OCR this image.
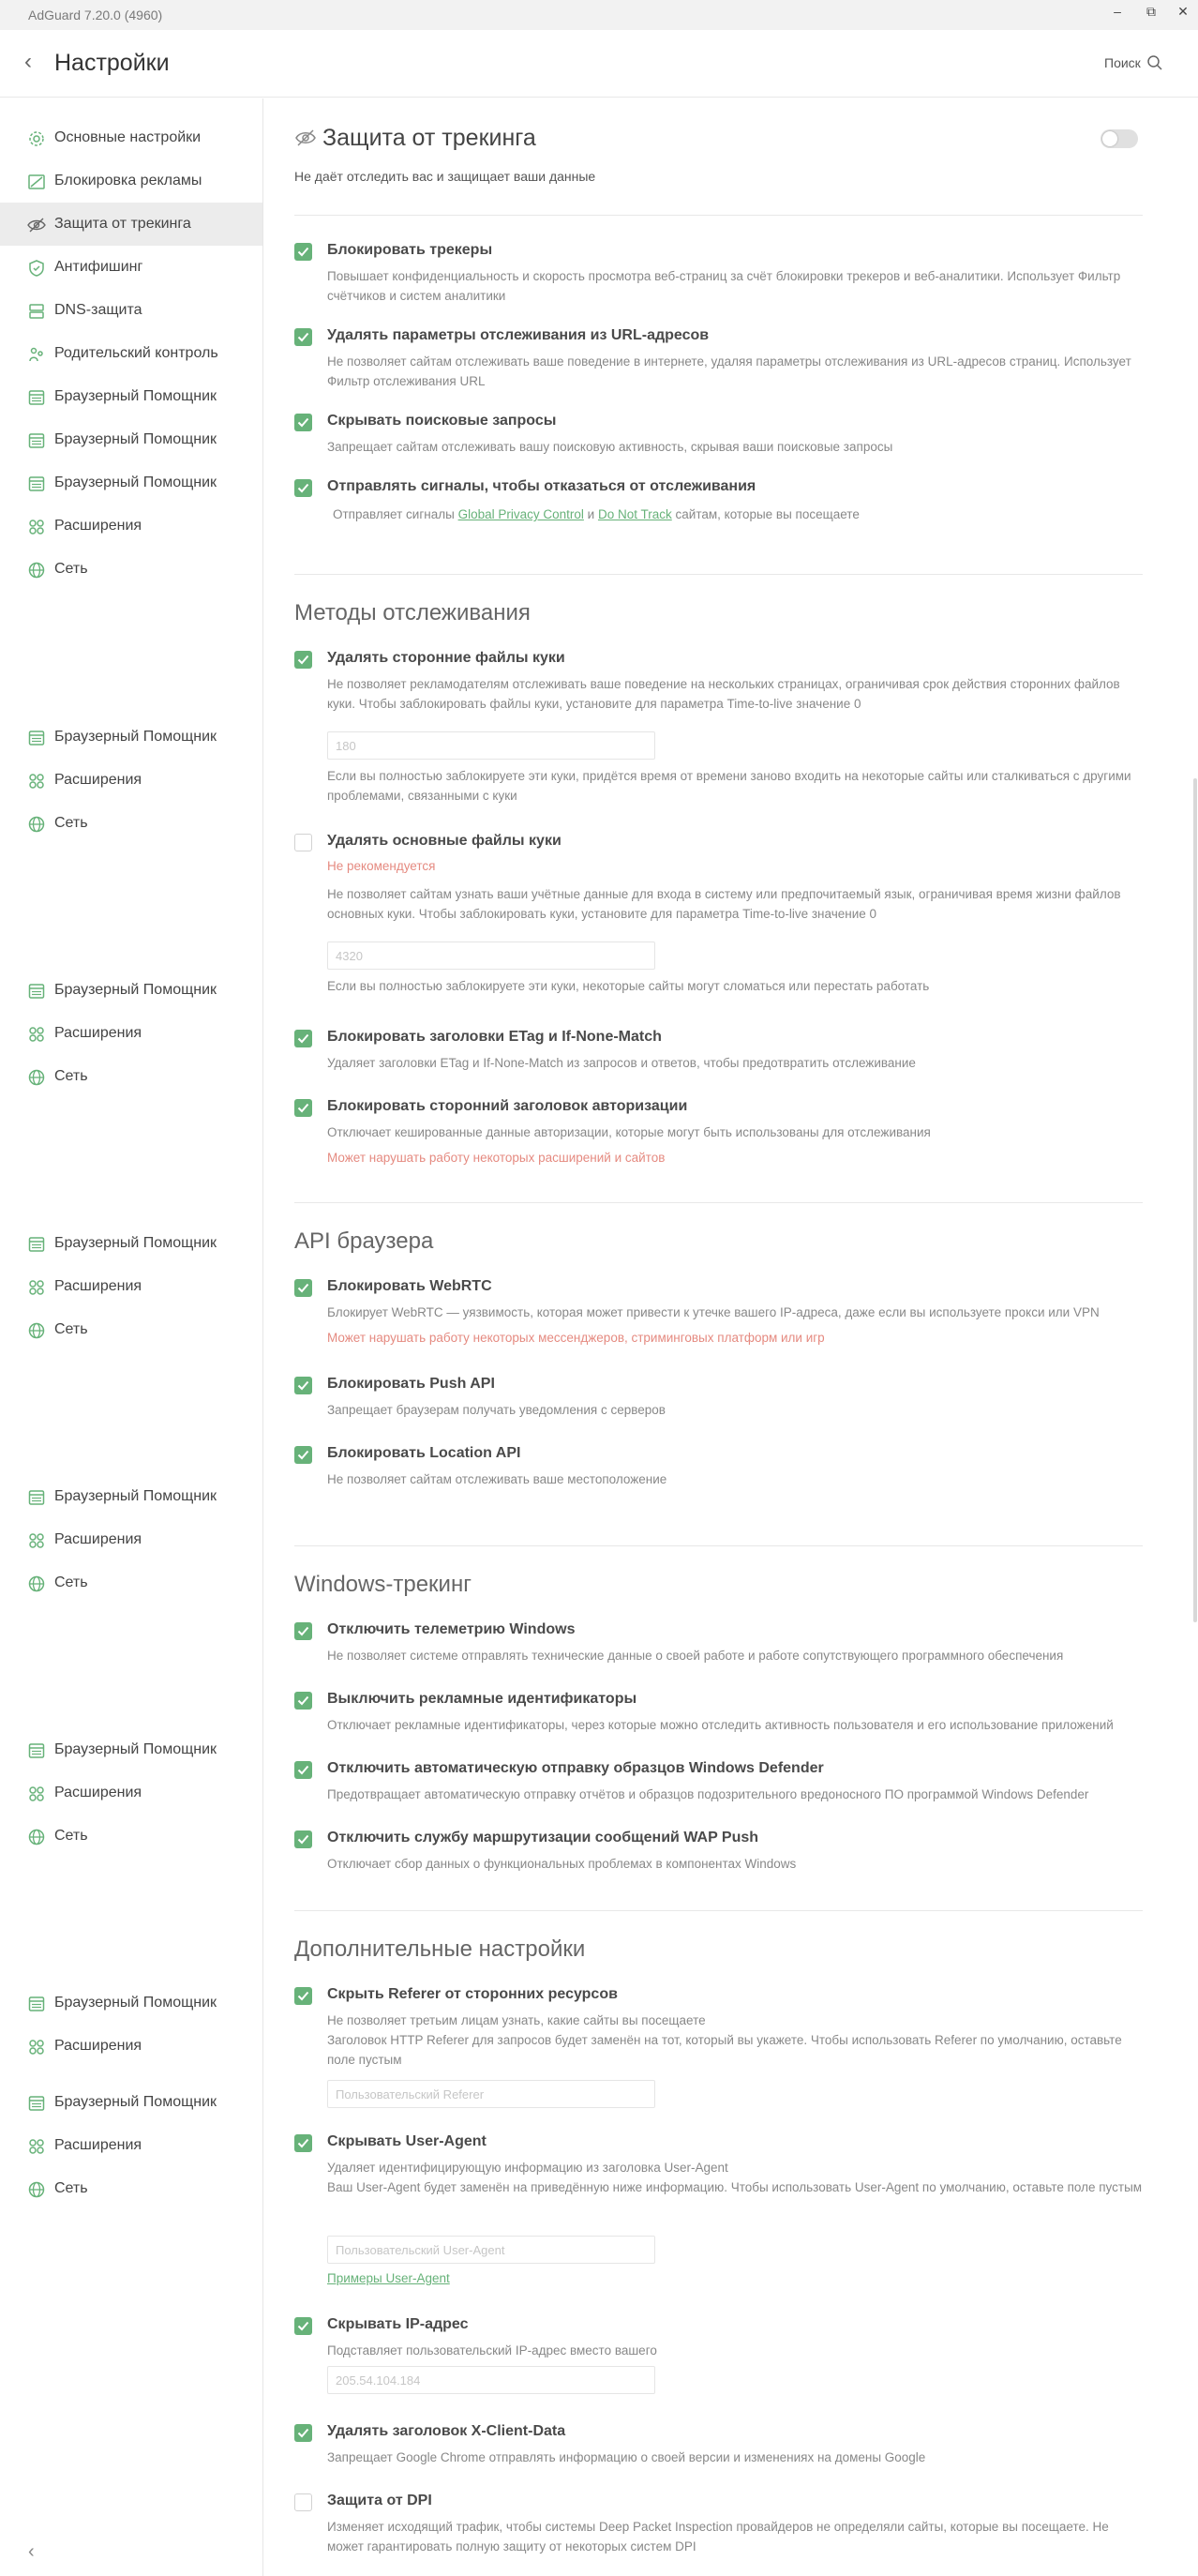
AdGuard 7.20.0 (4960)	–	⧉	✕
‹ Настройки	Поиск
Основные настройки
Блокировка рекламы
Защита от трекинга
Антифишинг
DNS-защита
Родительский контроль
Браузерный Помощник
Браузерный Помощник
Браузерный Помощник
Расширения
Сеть
Браузерный Помощник
Расширения
Сеть
Браузерный Помощник
Расширения
Сеть
Браузерный Помощник
Расширения
Сеть
Браузерный Помощник
Расширения
Сеть
Браузерный Помощник
Расширения
Сеть
Браузерный Помощник
Расширения
Браузерный Помощник
Расширения
Сеть
‹
Защита от трекинга
Не даёт отследить вас и защищает ваши данные
Блокировать трекеры
Повышает конфиденциальность и скорость просмотра веб-страниц за счёт блокировки трекеров и веб-аналитики. Использует Фильтр счётчиков и систем аналитики
Удалять параметры отслеживания из URL-адресов
Не позволяет сайтам отслеживать ваше поведение в интернете, удаляя параметры отслеживания из URL-адресов страниц. Использует Фильтр отслеживания URL
Скрывать поисковые запросы
Запрещает сайтам отслеживать вашу поисковую активность, скрывая ваши поисковые запросы
Отправлять сигналы, чтобы отказаться от отслеживания
Отправляет сигналы Global Privacy Control и Do Not Track сайтам, которые вы посещаете
Методы отслеживания
Удалять сторонние файлы куки
Не позволяет рекламодателям отслеживать ваше поведение на нескольких страницах, ограничивая срок действия сторонних файлов куки. Чтобы заблокировать файлы куки, установите для параметра Time-to-live значение 0
180
Если вы полностью заблокируете эти куки, придётся время от времени заново входить на некоторые сайты или сталкиваться с другими проблемами, связанными с куки
Удалять основные файлы куки
Не рекомендуется
Не позволяет сайтам узнать ваши учётные данные для входа в систему или предпочитаемый язык, ограничивая время жизни файлов основных куки. Чтобы заблокировать куки, установите для параметра Time-to-live значение 0
4320
Если вы полностью заблокируете эти куки, некоторые сайты могут сломаться или перестать работать
Блокировать заголовки ETag и If-None-Match
Удаляет заголовки ETag и If-None-Match из запросов и ответов, чтобы предотвратить отслеживание
Блокировать сторонний заголовок авторизации
Отключает кешированные данные авторизации, которые могут быть использованы для отслеживания
Может нарушать работу некоторых расширений и сайтов
API браузера
Блокировать WebRTC
Блокирует WebRTC — уязвимость, которая может привести к утечке вашего IP-адреса, даже если вы используете прокси или VPN
Может нарушать работу некоторых мессенджеров, стриминговых платформ или игр
Блокировать Push API
Запрещает браузерам получать уведомления с серверов
Блокировать Location API
Не позволяет сайтам отслеживать ваше местоположение
Windows-трекинг
Отключить телеметрию Windows
Не позволяет системе отправлять технические данные о своей работе и работе сопутствующего программного обеспечения
Выключить рекламные идентификаторы
Отключает рекламные идентификаторы, через которые можно отследить активность пользователя и его использование приложений
Отключить автоматическую отправку образцов Windows Defender
Предотвращает автоматическую отправку отчётов и образцов подозрительного вредоносного ПО программой Windows Defender
Отключить службу маршрутизации сообщений WAP Push
Отключает сбор данных о функциональных проблемах в компонентах Windows
Дополнительные настройки
Скрыть Referer от сторонних ресурсов
Не позволяет третьим лицам узнать, какие сайты вы посещаете
Заголовок HTTP Referer для запросов будет заменён на тот, который вы укажете. Чтобы использовать Referer по умолчанию, оставьте поле пустым
Пользовательский Referer
Скрывать User-Agent
Удаляет идентифицирующую информацию из заголовка User-Agent
Ваш User-Agent будет заменён на приведённую ниже информацию. Чтобы использовать User-Agent по умолчанию, оставьте поле пустым
Пользовательский User-Agent
Примеры User-Agent
Скрывать IP-адрес
Подставляет пользовательский IP-адрес вместо вашего
205.54.104.184
Удалять заголовок X-Client-Data
Запрещает Google Chrome отправлять информацию о своей версии и изменениях на домены Google
Защита от DPI
Изменяет исходящий трафик, чтобы системы Deep Packet Inspection провайдеров не определяли сайты, которые вы посещаете. Не может гарантировать полную защиту от некоторых систем DPI
